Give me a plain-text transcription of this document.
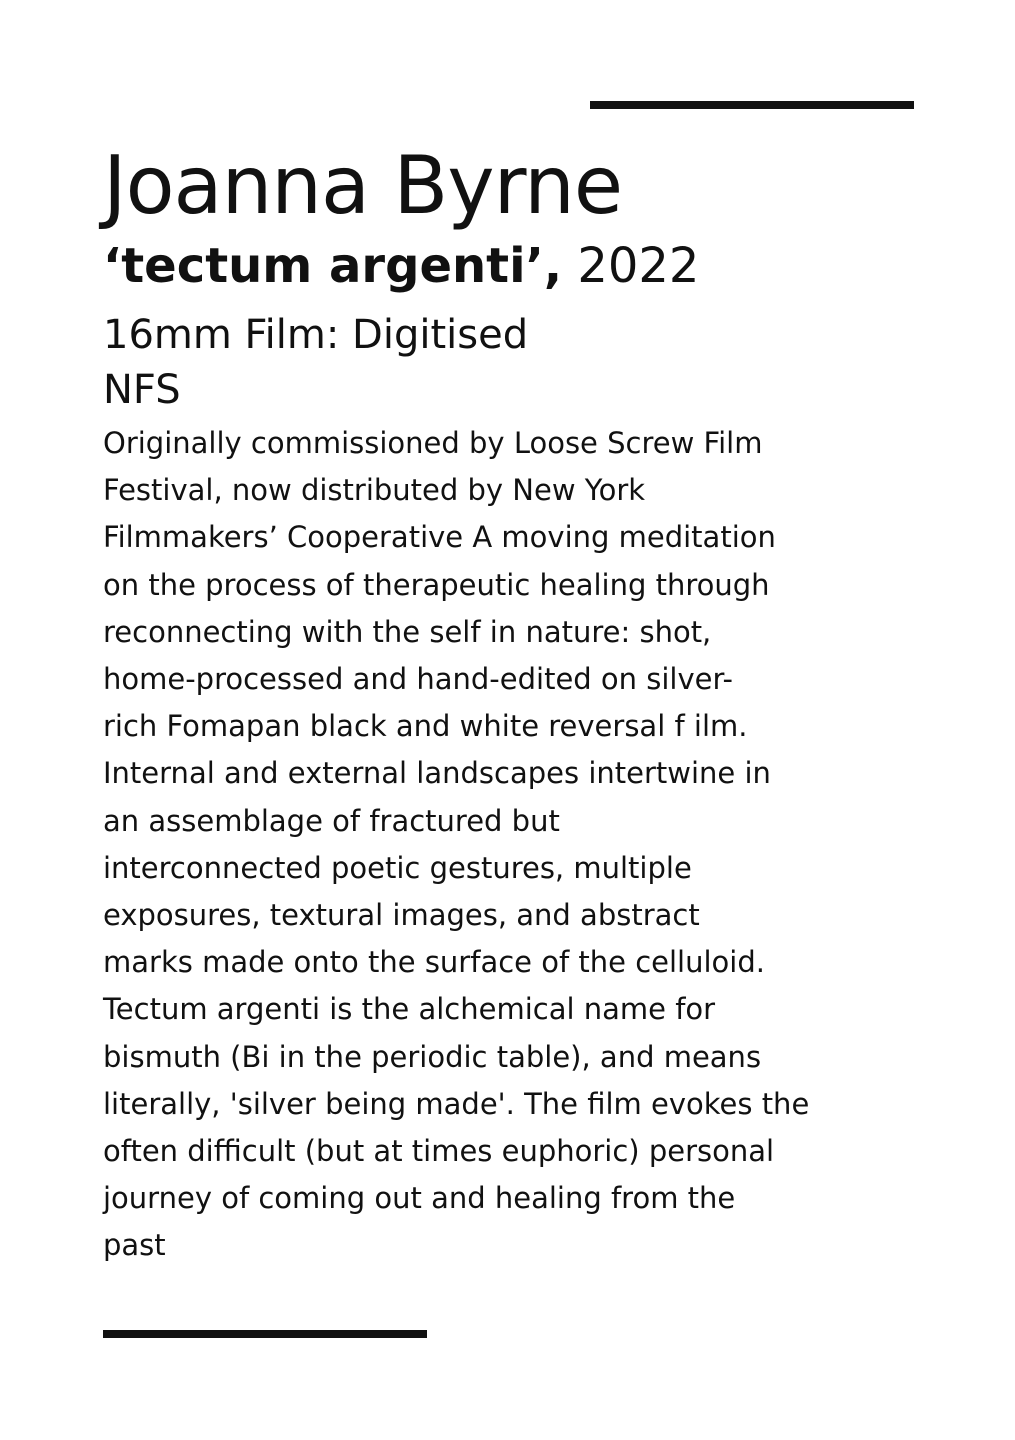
Joanna Byrne

‘tectum argenti’, 2022

16mm Film: Digitised

NFS

Originally commissioned by Loose Screw Film
Festival, now distributed by New York
Filmmakers’ Cooperative A moving meditation
on the process of therapeutic healing through
reconnecting with the self in nature: shot,
home-processed and hand-edited on silver-
rich Fomapan black and white reversal f ilm.
Internal and external landscapes intertwine in
an assemblage of fractured but
interconnected poetic gestures, multiple
exposures, textural images, and abstract
marks made onto the surface of the celluloid.
Tectum argenti is the alchemical name for
bismuth (Bi in the periodic table), and means
literally, 'silver being made'. The film evokes the
often difficult (but at times euphoric) personal
journey of coming out and healing from the
past
